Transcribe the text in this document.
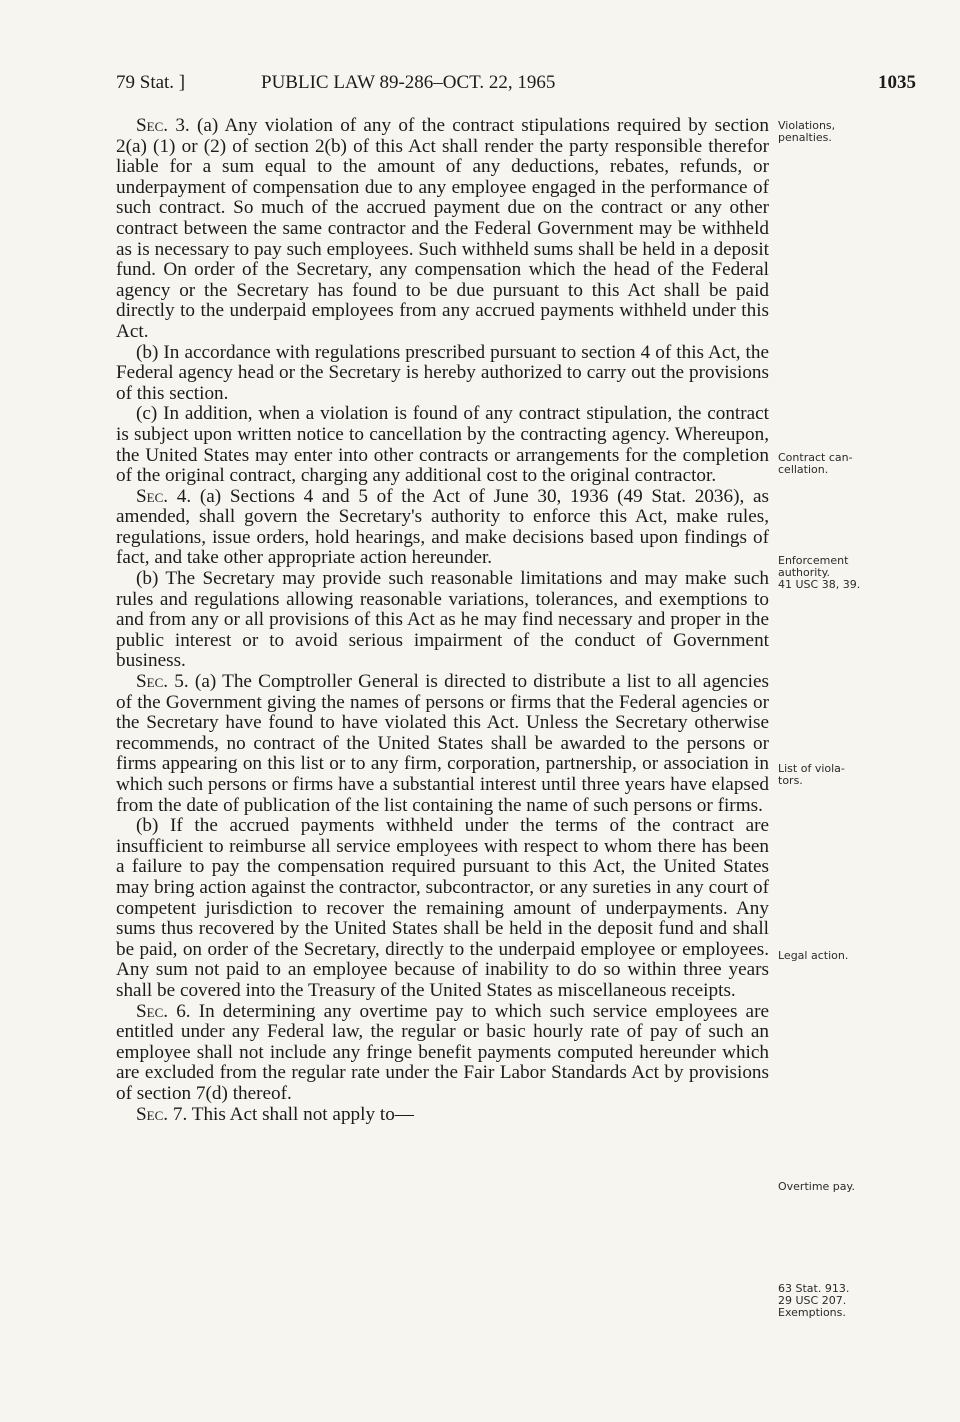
79 Stat. ]	PUBLIC LAW 89-286–OCT. 22, 1965	1035

Sec. 3. (a) Any violation of any of the contract stipulations required by section 2(a) (1) or (2) of section 2(b) of this Act shall render the party responsible therefor liable for a sum equal to the amount of any deductions, rebates, refunds, or underpayment of compensation due to any employee engaged in the performance of such contract. So much of the accrued payment due on the contract or any other contract between the same contractor and the Federal Government may be withheld as is necessary to pay such employees. Such withheld sums shall be held in a deposit fund. On order of the Secretary, any compensation which the head of the Federal agency or the Secretary has found to be due pursuant to this Act shall be paid directly to the underpaid employees from any accrued payments withheld under this Act.

(b) In accordance with regulations prescribed pursuant to section 4 of this Act, the Federal agency head or the Secretary is hereby authorized to carry out the provisions of this section.

(c) In addition, when a violation is found of any contract stipulation, the contract is subject upon written notice to cancellation by the contracting agency. Whereupon, the United States may enter into other contracts or arrangements for the completion of the original contract, charging any additional cost to the original contractor.

Sec. 4. (a) Sections 4 and 5 of the Act of June 30, 1936 (49 Stat. 2036), as amended, shall govern the Secretary's authority to enforce this Act, make rules, regulations, issue orders, hold hearings, and make decisions based upon findings of fact, and take other appropriate action hereunder.

(b) The Secretary may provide such reasonable limitations and may make such rules and regulations allowing reasonable variations, tolerances, and exemptions to and from any or all provisions of this Act as he may find necessary and proper in the public interest or to avoid serious impairment of the conduct of Government business.

Sec. 5. (a) The Comptroller General is directed to distribute a list to all agencies of the Government giving the names of persons or firms that the Federal agencies or the Secretary have found to have violated this Act. Unless the Secretary otherwise recommends, no contract of the United States shall be awarded to the persons or firms appearing on this list or to any firm, corporation, partnership, or association in which such persons or firms have a substantial interest until three years have elapsed from the date of publication of the list containing the name of such persons or firms.

(b) If the accrued payments withheld under the terms of the contract are insufficient to reimburse all service employees with respect to whom there has been a failure to pay the compensation required pursuant to this Act, the United States may bring action against the contractor, subcontractor, or any sureties in any court of competent jurisdiction to recover the remaining amount of underpayments. Any sums thus recovered by the United States shall be held in the deposit fund and shall be paid, on order of the Secretary, directly to the underpaid employee or employees. Any sum not paid to an employee because of inability to do so within three years shall be covered into the Treasury of the United States as miscellaneous receipts.

Sec. 6. In determining any overtime pay to which such service employees are entitled under any Federal law, the regular or basic hourly rate of pay of such an employee shall not include any fringe benefit payments computed hereunder which are excluded from the regular rate under the Fair Labor Standards Act by provisions of section 7(d) thereof.

Sec. 7. This Act shall not apply to—

Violations,
penalties.
Contract can-
cellation.
Enforcement
authority.
41 USC 38, 39.
List of viola-
tors.
Legal action.
Overtime pay.
63 Stat. 913.
29 USC 207.
Exemptions.
